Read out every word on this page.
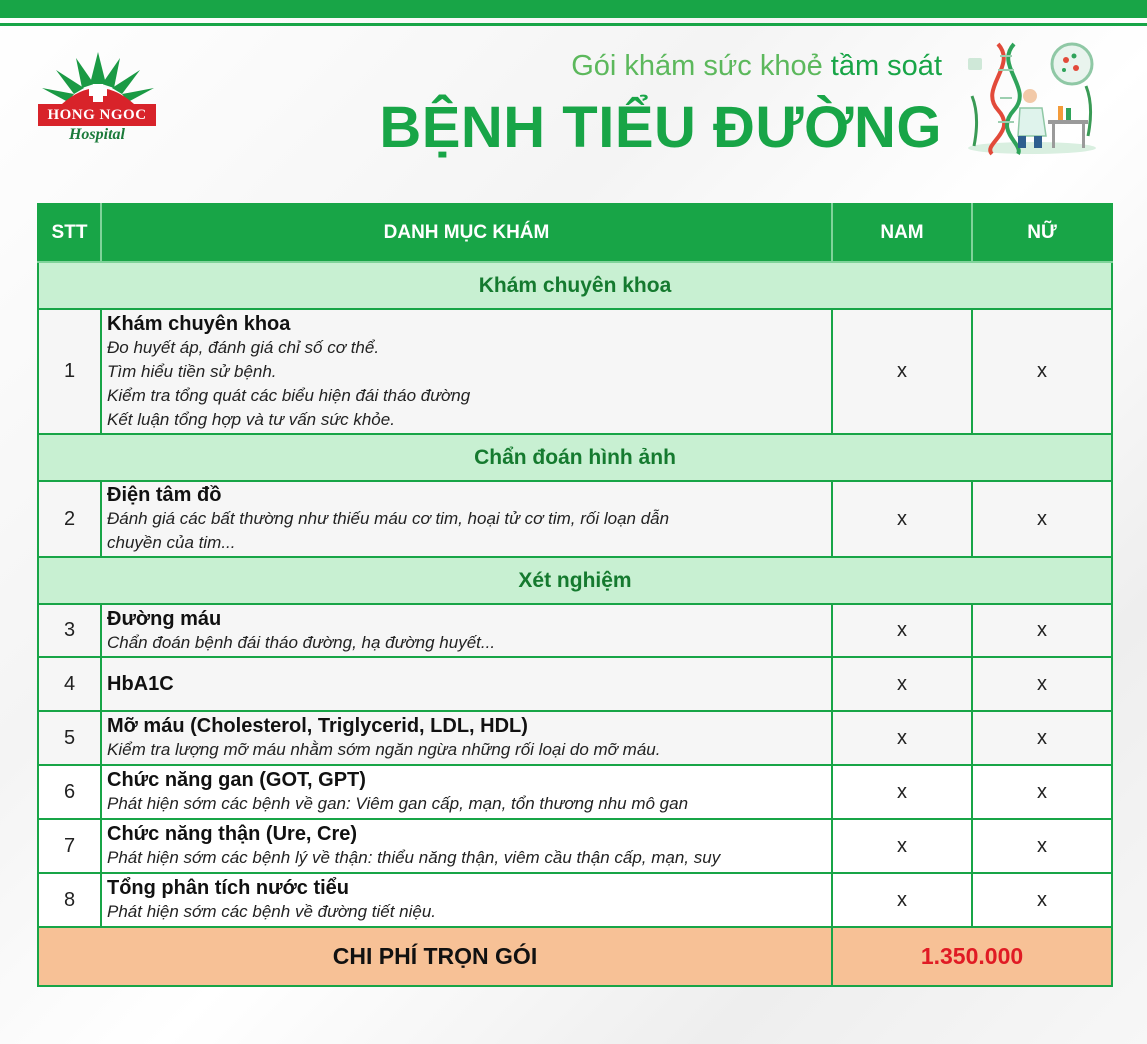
HONG NGOC
Hospital
Gói khám sức khoẻ tầm soát
BỆNH TIỂU ĐƯỜNG
STT	DANH MỤC KHÁM	NAM	NỮ
Khám chuyên khoa			
1	Khám chuyên khoa
Đo huyết áp, đánh giá chỉ số cơ thể.
Tìm hiểu tiền sử bệnh.
Kiểm tra tổng quát các biểu hiện đái tháo đường
Kết luận tổng hợp và tư vấn sức khỏe.	x	x
Chẩn đoán hình ảnh			
2	Điện tâm đồ
Đánh giá các bất thường như thiếu máu cơ tim, hoại tử cơ tim, rối loạn dẫn
chuyền của tim...	x	x
Xét nghiệm			
3	Đường máu
Chẩn đoán bệnh đái tháo đường, hạ đường huyết...	x	x
4	HbA1C	x	x
5	Mỡ máu (Cholesterol, Triglycerid, LDL, HDL)
Kiểm tra lượng mỡ máu nhằm sớm ngăn ngừa những rối loại do mỡ máu.	x	x
6	Chức năng gan (GOT, GPT)
Phát hiện sớm các bệnh về gan: Viêm gan cấp, mạn, tổn thương nhu mô gan	x	x
7	Chức năng thận (Ure, Cre)
Phát hiện sớm các bệnh lý về thận: thiểu năng thận, viêm cầu thận cấp, mạn, suy	x	x
8	Tổng phân tích nước tiểu
Phát hiện sớm các bệnh về đường tiết niệu.	x	x
CHI PHÍ TRỌN GÓI		1.350.000	
